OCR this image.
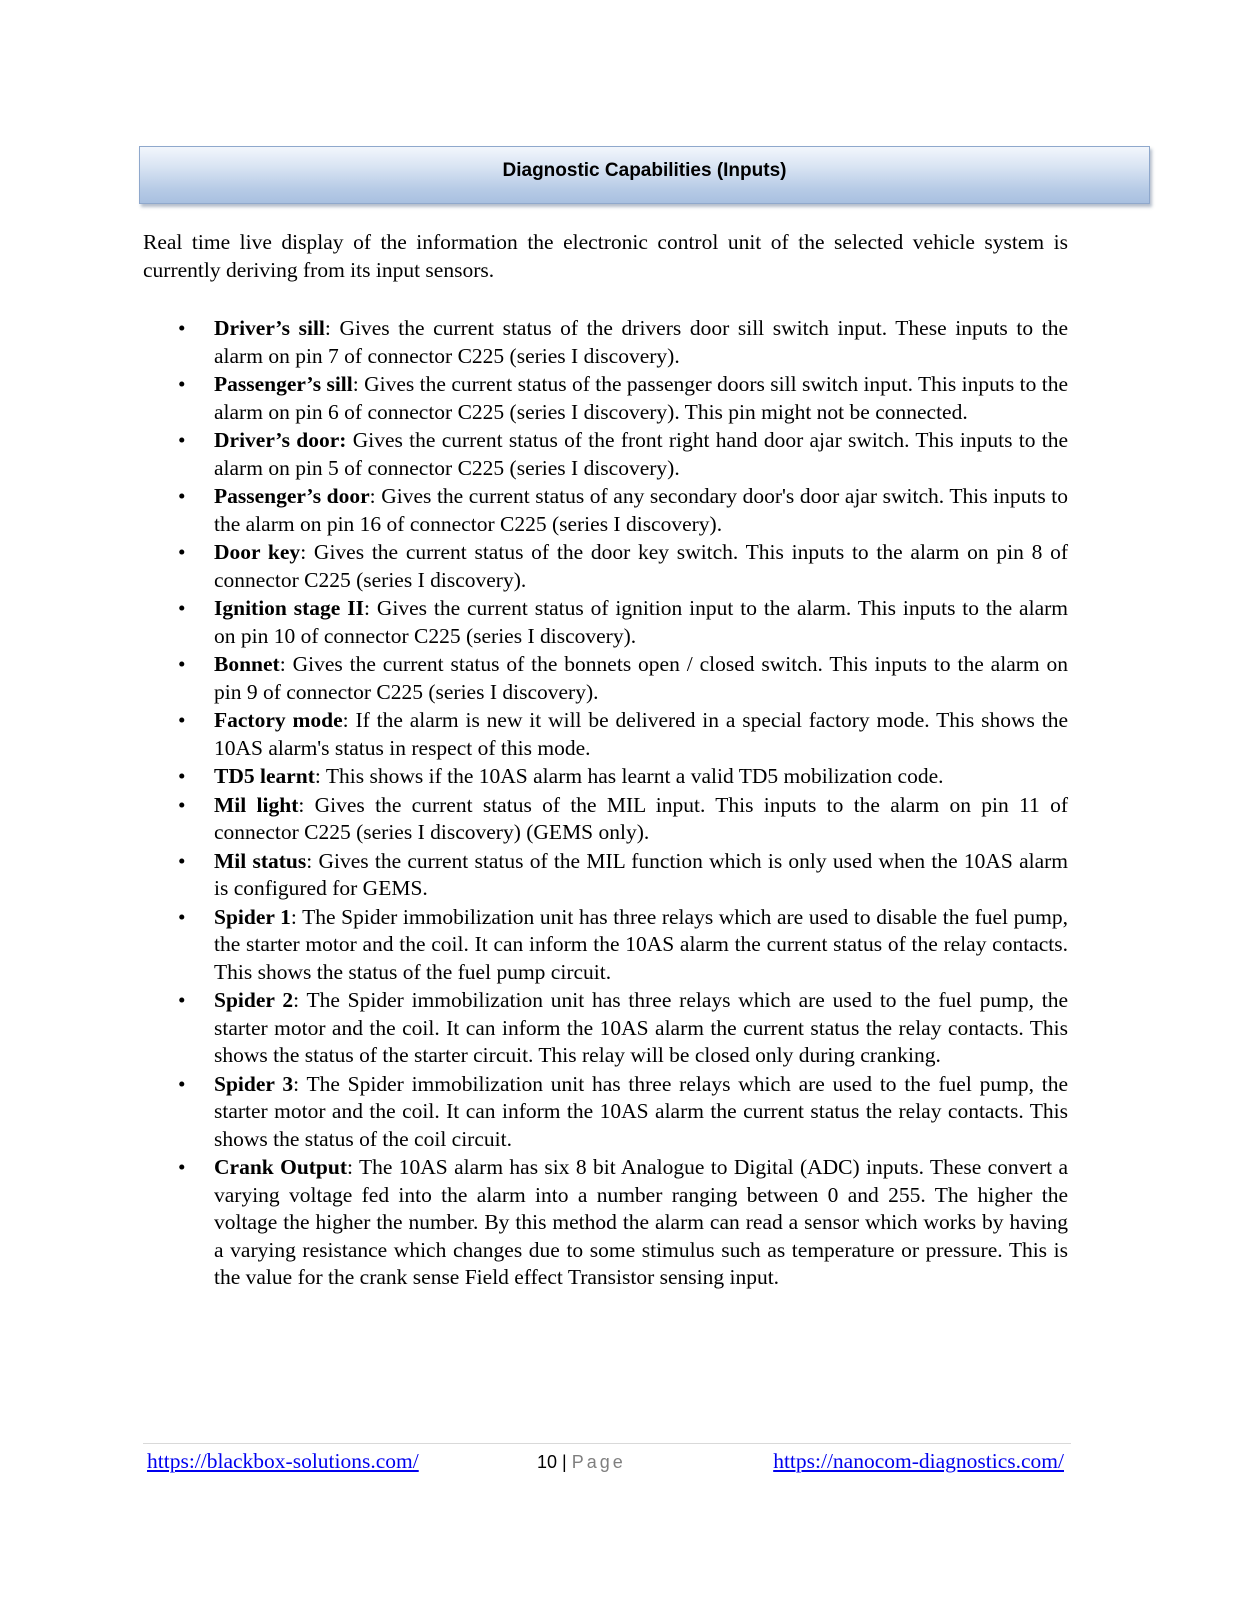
Diagnostic Capabilities (Inputs)

Real time live display of the information the electronic control unit of the selected vehicle system is currently deriving from its input sensors.

• Driver’s sill: Gives the current status of the drivers door sill switch input. These inputs to the alarm on pin 7 of connector C225 (series I discovery).
• Passenger’s sill: Gives the current status of the passenger doors sill switch input. This inputs to the alarm on pin 6 of connector C225 (series I discovery). This pin might not be connected.
• Driver’s door: Gives the current status of the front right hand door ajar switch. This inputs to the alarm on pin 5 of connector C225 (series I discovery).
• Passenger’s door: Gives the current status of any secondary door's door ajar switch. This inputs to the alarm on pin 16 of connector C225 (series I discovery).
• Door key: Gives the current status of the door key switch. This inputs to the alarm on pin 8 of connector C225 (series I discovery).
• Ignition stage II: Gives the current status of ignition input to the alarm. This inputs to the alarm on pin 10 of connector C225 (series I discovery).
• Bonnet: Gives the current status of the bonnets open / closed switch. This inputs to the alarm on pin 9 of connector C225 (series I discovery).
• Factory mode: If the alarm is new it will be delivered in a special factory mode. This shows the 10AS alarm's status in respect of this mode.
• TD5 learnt: This shows if the 10AS alarm has learnt a valid TD5 mobilization code.
• Mil light: Gives the current status of the MIL input. This inputs to the alarm on pin 11 of connector C225 (series I discovery) (GEMS only).
• Mil status: Gives the current status of the MIL function which is only used when the 10AS alarm is configured for GEMS.
• Spider 1: The Spider immobilization unit has three relays which are used to disable the fuel pump, the starter motor and the coil. It can inform the 10AS alarm the current status of the relay contacts. This shows the status of the fuel pump circuit.
• Spider 2: The Spider immobilization unit has three relays which are used to the fuel pump, the starter motor and the coil. It can inform the 10AS alarm the current status the relay contacts. This shows the status of the starter circuit. This relay will be closed only during cranking.
• Spider 3: The Spider immobilization unit has three relays which are used to the fuel pump, the starter motor and the coil. It can inform the 10AS alarm the current status the relay contacts. This shows the status of the coil circuit.
• Crank Output: The 10AS alarm has six 8 bit Analogue to Digital (ADC) inputs. These convert a varying voltage fed into the alarm into a number ranging between 0 and 255. The higher the voltage the higher the number. By this method the alarm can read a sensor which works by having a varying resistance which changes due to some stimulus such as temperature or pressure. This is the value for the crank sense Field effect Transistor sensing input.
https://blackbox-solutions.com/	10 | Page	https://nanocom-diagnostics.com/
